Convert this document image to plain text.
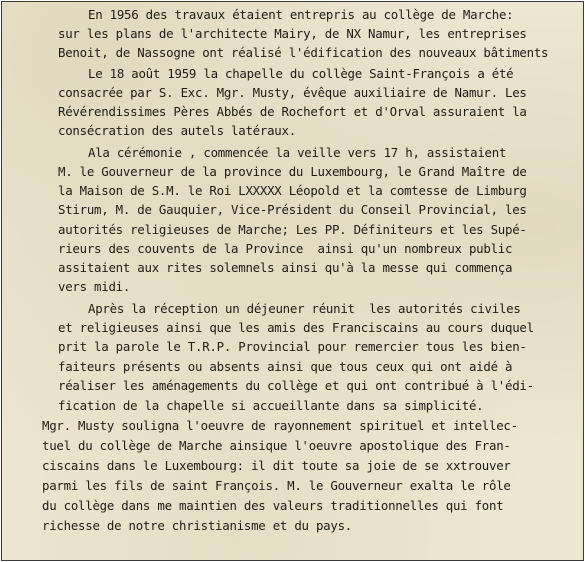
En 1956 des travaux étaient entrepris au collège de Marche:
sur les plans de l'architecte Mairy, de NX Namur, les entreprises
Benoit, de Nassogne ont réalisé l'édification des nouveaux bâtiments
Le 18 août 1959 la chapelle du collège Saint-François a été
consacrée par S. Exc. Mgr. Musty, évêque auxiliaire de Namur. Les
Révérendissimes Pères Abbés de Rochefort et d'Orval assuraient la
consécration des autels latéraux.
Ala cérémonie , commencée la veille vers 17 h, assistaient
M. le Gouverneur de la province du Luxembourg, le Grand Maître de
la Maison de S.M. le Roi LXXXXX Léopold et la comtesse de Limburg
Stirum, M. de Gauquier, Vice-Président du Conseil Provincial, les
autorités religieuses de Marche; Les PP. Définiteurs et les Supé-
rieurs des couvents de la Province  ainsi qu'un nombreux public
assitaient aux rites solemnels ainsi qu'à la messe qui commença
vers midi.
Après la réception un déjeuner réunit  les autorités civiles
et religieuses ainsi que les amis des Franciscains au cours duquel
prit la parole le T.R.P. Provincial pour remercier tous les bien-
faiteurs présents ou absents ainsi que tous ceux qui ont aidé à
réaliser les aménagements du collège et qui ont contribué à l'édi-
fication de la chapelle si accueillante dans sa simplicité.
Mgr. Musty souligna l'oeuvre de rayonnement spirituel et intellec-
tuel du collège de Marche ainsique l'oeuvre apostolique des Fran-
ciscains dans le Luxembourg: il dit toute sa joie de se xxtrouver
parmi les fils de saint François. M. le Gouverneur exalta le rôle
du collège dans me maintien des valeurs traditionnelles qui font
richesse de notre christianisme et du pays.
